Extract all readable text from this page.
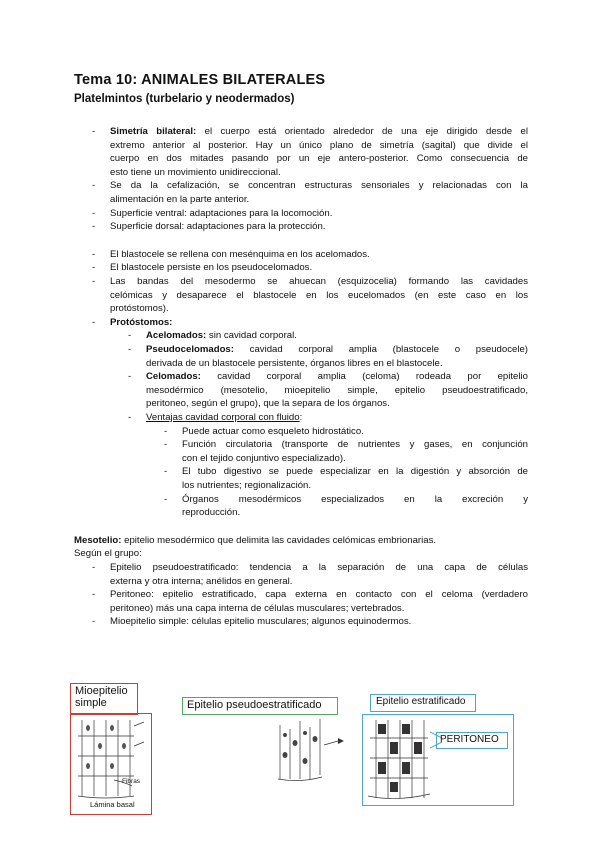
Tema 10: ANIMALES BILATERALES
Platelmintos (turbelario y neodermados)
- Simetría bilateral: el cuerpo está orientado alrededor de una eje dirigido desde el
extremo anterior al posterior. Hay un único plano de simetría (sagital) que divide el
cuerpo en dos mitades pasando por un eje antero-posterior. Como consecuencia de
esto tiene un movimiento unidireccional.
- Se da la cefalización, se concentran estructuras sensoriales y relacionadas con la
alimentación en la parte anterior.
- Superficie ventral: adaptaciones para la locomoción.
- Superficie dorsal: adaptaciones para la protección.
- El blastocele se rellena con mesénquima en los acelomados.
- El blastocele persiste en los pseudocelomados.
- Las bandas del mesodermo se ahuecan (esquizocelia) formando las cavidades
celómicas y desaparece el blastocele en los eucelomados (en este caso en los
protóstomos).
- Protóstomos:
- Acelomados: sin cavidad corporal.
- Pseudocelomados: cavidad corporal amplia (blastocele o pseudocele)
derivada de un blastocele persistente, órganos libres en el blastocele.
- Celomados: cavidad corporal amplia (celoma) rodeada por epitelio
mesodérmico (mesotelio, mioepitelio simple, epitelio pseudoestratificado,
peritoneo, según el grupo), que la separa de los órganos.
- Ventajas cavidad corporal con fluido:
- Puede actuar como esqueleto hidrostático.
- Función circulatoria (transporte de nutrientes y gases, en conjunción
con el tejido conjuntivo especializado).
- El tubo digestivo se puede especializar en la digestión y absorción de
los nutrientes; regionalización.
- Órganos mesodérmicos especializados en la excreción y
reproducción.
Mesotelio: epitelio mesodérmico que delimita las cavidades celómicas embrionarias.
Según el grupo:
- Epitelio pseudoestratificado: tendencia a la separación de una capa de células
externa y otra interna; anélidos en general.
- Peritoneo: epitelio estratificado, capa externa en contacto con el celoma (verdadero
peritoneo) más una capa interna de células musculares; vertebrados.
- Mioepitelio simple: células epitelio musculares; algunos equinodermos.
Mioepitelio
simple
Fibras
Lámina basal
Epitelio pseudoestratificado	Epitelio estratificado
PERITONEO
